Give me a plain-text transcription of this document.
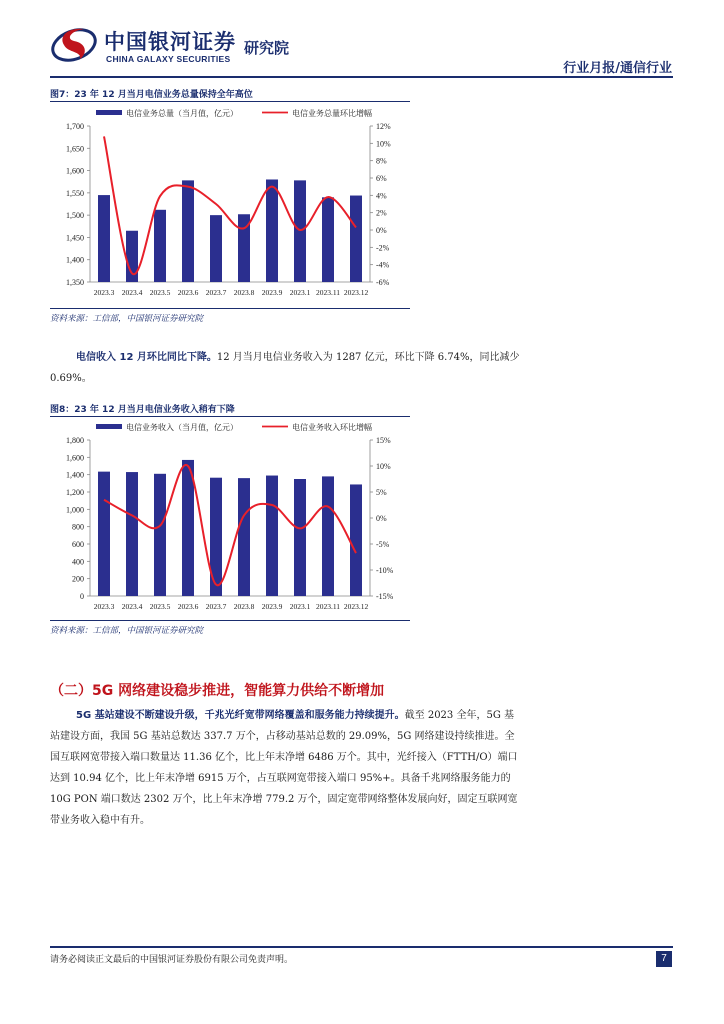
中国银河证券
CHINA GALAXY SECURITIES
研究院
行业月报/通信行业
图7：23 年 12 月当月电信业务总量保持全年高位
电信业务总量（当月值，亿元）	电信业务总量环比增幅
1,350
1,400
1,450
1,500
1,550
1,600
1,650
1,700
-6%
-4%
-2%
0%
2%
4%
6%
8%
10%
12%
2023.3 2023.4 2023.5 2023.6 2023.7 2023.8 2023.9 2023.1 2023.11 2023.12
资料来源：工信部，中国银河证券研究院
电信收入 12 月环比同比下降。12 月当月电信业务收入为 1287 亿元，环比下降 6.74%，同比减少
0.69%。
图8：23 年 12 月当月电信业务收入稍有下降
电信业务收入（当月值，亿元）	电信业务收入环比增幅
0
200
400
600
800
1,000
1,200
1,400
1,600
1,800
-15%
-10%
-5%
0%
5%
10%
15%
2023.3 2023.4 2023.5 2023.6 2023.7 2023.8 2023.9 2023.1 2023.11 2023.12
资料来源：工信部，中国银河证券研究院
（二）5G 网络建设稳步推进，智能算力供给不断增加
5G 基站建设不断建设升级，千兆光纤宽带网络覆盖和服务能力持续提升。截至 2023 全年，5G 基
站建设方面，我国 5G 基站总数达 337.7 万个，占移动基站总数的 29.09%，5G 网络建设持续推进。全
国互联网宽带接入端口数量达 11.36 亿个，比上年末净增 6486 万个。其中，光纤接入（FTTH/O）端口
达到 10.94 亿个，比上年末净增 6915 万个，占互联网宽带接入端口 95%+。具备千兆网络服务能力的
10G PON 端口数达 2302 万个，比上年末净增 779.2 万个，固定宽带网络整体发展向好，固定互联网宽
带业务收入稳中有升。
请务必阅读正文最后的中国银河证券股份有限公司免责声明。	7
